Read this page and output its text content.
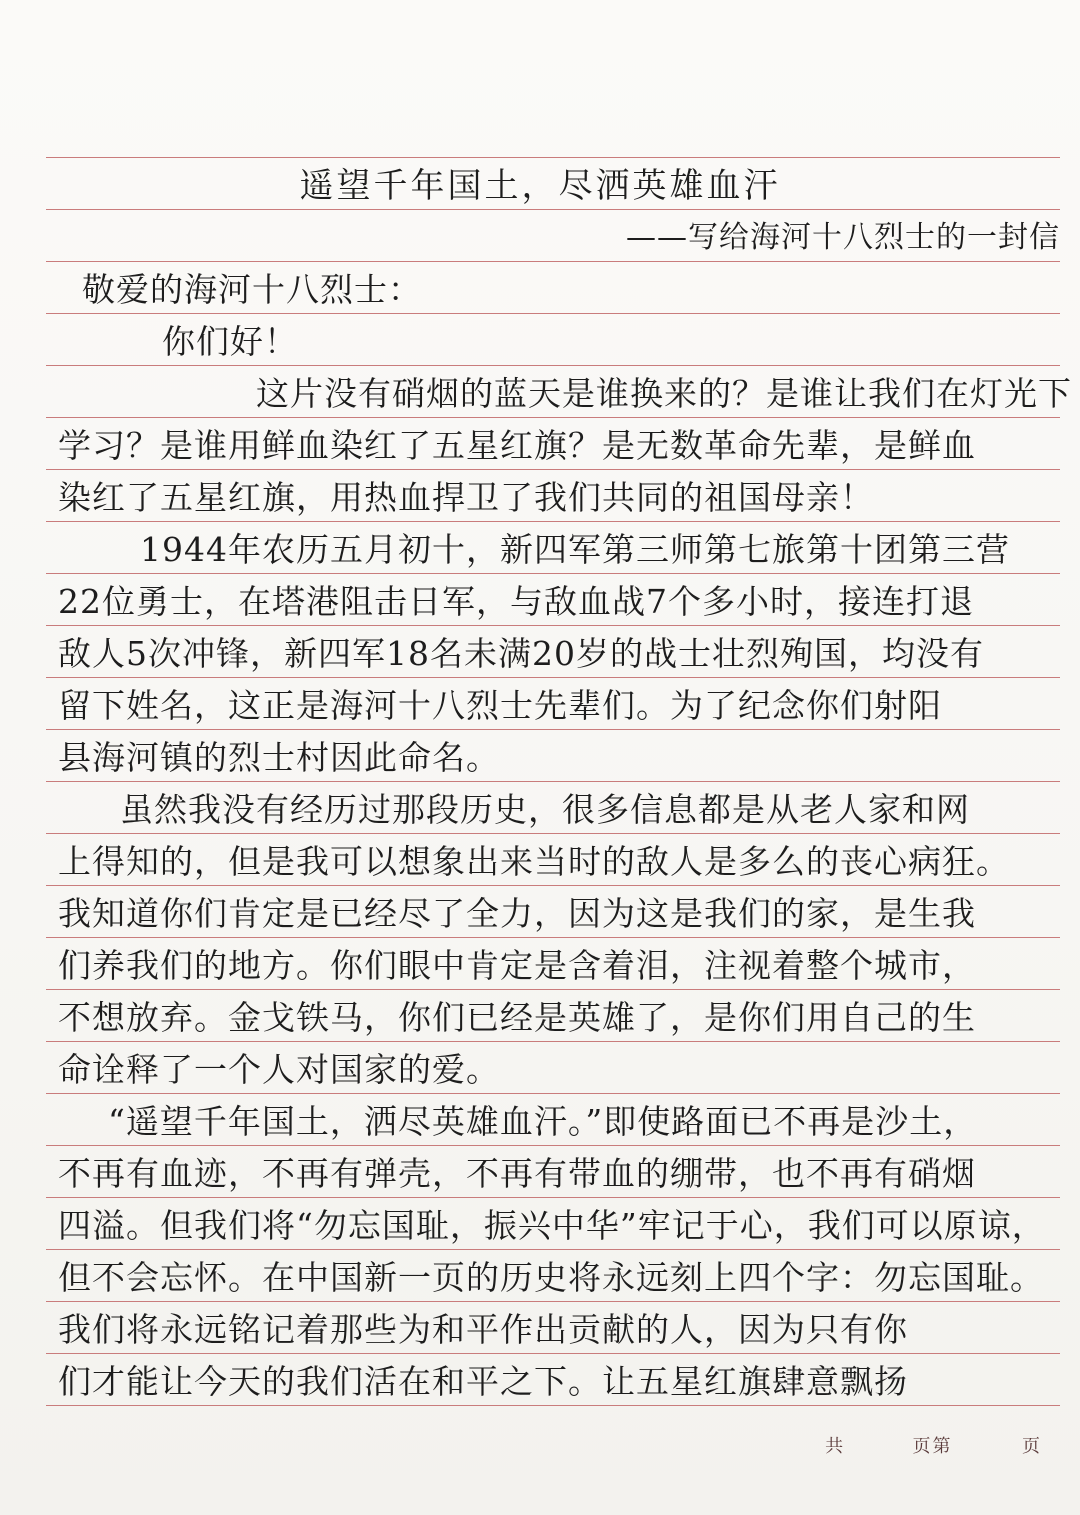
遥望千年国土，尽洒英雄血汗
——写给海河十八烈士的一封信
敬爱的海河十八烈士：
你们好！
这片没有硝烟的蓝天是谁换来的？是谁让我们在灯光下
学习？是谁用鲜血染红了五星红旗？是无数革命先辈，是鲜血
染红了五星红旗，用热血捍卫了我们共同的祖国母亲！
1944年农历五月初十，新四军第三师第七旅第十团第三营
22位勇士，在塔港阻击日军，与敌血战7个多小时，接连打退
敌人5次冲锋，新四军18名未满20岁的战士壮烈殉国，均没有
留下姓名，这正是海河十八烈士先辈们。为了纪念你们射阳
县海河镇的烈士村因此命名。
虽然我没有经历过那段历史，很多信息都是从老人家和网
上得知的，但是我可以想象出来当时的敌人是多么的丧心病狂。
我知道你们肯定是已经尽了全力，因为这是我们的家，是生我
们养我们的地方。你们眼中肯定是含着泪，注视着整个城市，
不想放弃。金戈铁马，你们已经是英雄了，是你们用自己的生
命诠释了一个人对国家的爱。
“遥望千年国土，洒尽英雄血汗。”即使路面已不再是沙土，
不再有血迹，不再有弹壳，不再有带血的绷带，也不再有硝烟
四溢。但我们将“勿忘国耻，振兴中华”牢记于心，我们可以原谅，
但不会忘怀。在中国新一页的历史将永远刻上四个字：勿忘国耻。
我们将永远铭记着那些为和平作出贡献的人，因为只有你
们才能让今天的我们活在和平之下。让五星红旗肆意飘扬
共	页第	页
